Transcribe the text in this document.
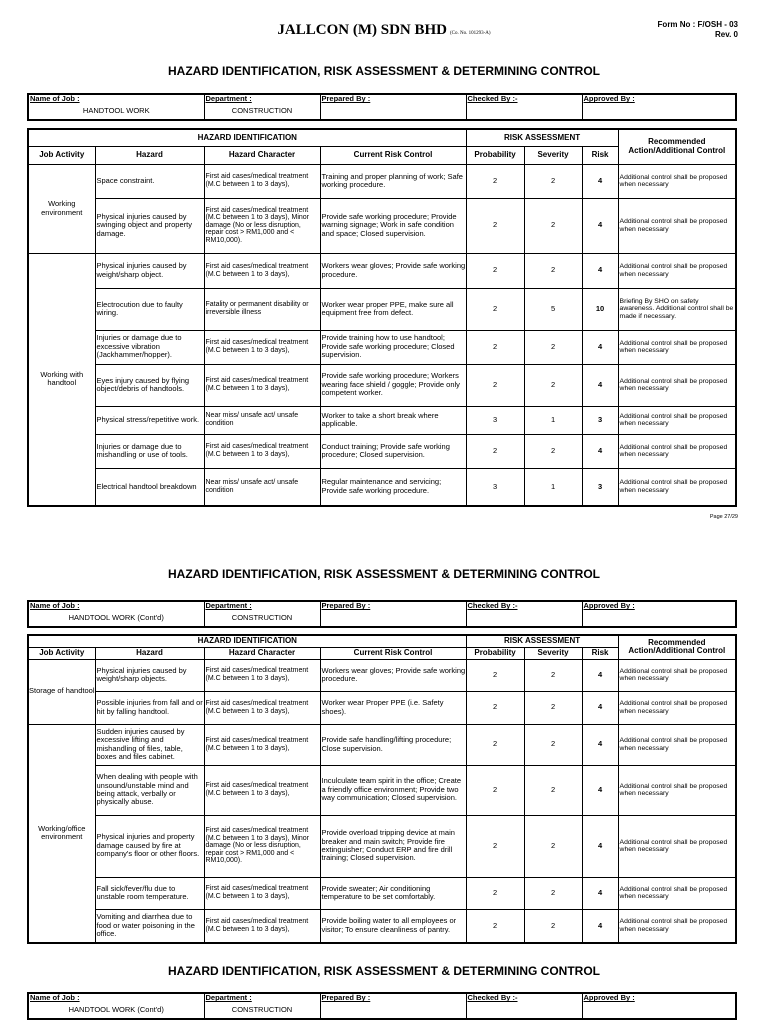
JALLCON (M) SDN BHD (Co. No. 101293-A)
Form No : F/OSH - 03
Rev. 0
HAZARD IDENTIFICATION, RISK ASSESSMENT & DETERMINING CONTROL
Name of Job :	Department :	Prepared By :	Checked By :-	Approved By :
HANDTOOL WORK	CONSTRUCTION			
HAZARD IDENTIFICATION				RISK ASSESSMENT			Recommended Action/Additional Control
Job Activity	Hazard	Hazard Character	Current Risk Control	Probability	Severity	Risk	
Working environment	Space constraint.	First aid cases/medical treatment (M.C between 1 to 3 days),	Training and proper planning of work; Safe working procedure.	2	2	4	Additional control shall be proposed when necessary
	Physical injuries caused by swinging object and property damage.	First aid cases/medical treatment (M.C between 1 to 3 days), Minor damage (No or less disruption, repair cost > RM1,000 and < RM10,000).	Provide safe working procedure; Provide warning signage; Work in safe condition and space; Closed supervision.	2	2	4	Additional control shall be proposed when necessary
Working with handtool	Physical injuries caused by weight/sharp object.	First aid cases/medical treatment (M.C between 1 to 3 days),	Workers wear gloves; Provide safe working procedure.	2	2	4	Additional control shall be proposed when necessary
	Electrocution due to faulty wiring.	Fatality or permanent disability or irreversible illness	Worker wear proper PPE, make sure all equipment free from defect.	2	5	10	Briefing By SHO on safety awareness. Additional control shall be made if necessary.
	Injuries or damage due to excessive vibration (Jackhammer/hopper).	First aid cases/medical treatment (M.C between 1 to 3 days),	Provide training how to use handtool; Provide safe working procedure; Closed supervision.	2	2	4	Additional control shall be proposed when necessary
	Eyes injury caused by flying object/debris of handtools.	First aid cases/medical treatment (M.C between 1 to 3 days),	Provide safe working procedure; Workers wearing face shield / goggle; Provide only competent worker.	2	2	4	Additional control shall be proposed when necessary
	Physical stress/repetitive work.	Near miss/ unsafe act/ unsafe condition	Worker to take a short break where applicable.	3	1	3	Additional control shall be proposed when necessary
	Injuries or damage due to mishandling or use of tools.	First aid cases/medical treatment (M.C between 1 to 3 days),	Conduct training; Provide safe working procedure; Closed supervision.	2	2	4	Additional control shall be proposed when necessary
	Electrical handtool breakdown	Near miss/ unsafe act/ unsafe condition	Regular maintenance and servicing; Provide safe working procedure.	3	1	3	Additional control shall be proposed when necessary
Page 27/29
HAZARD IDENTIFICATION, RISK ASSESSMENT & DETERMINING CONTROL
Name of Job :	Department :	Prepared By :	Checked By :-	Approved By :
HANDTOOL WORK (Cont'd)	CONSTRUCTION			
HAZARD IDENTIFICATION				RISK ASSESSMENT			Recommended Action/Additional Control
Job Activity	Hazard	Hazard Character	Current Risk Control	Probability	Severity	Risk	
Storage of handtool	Physical injuries caused by weight/sharp objects.	First aid cases/medical treatment (M.C between 1 to 3 days),	Workers wear gloves; Provide safe working procedure.	2	2	4	Additional control shall be proposed when necessary
	Possible injuries from fall and or hit by falling handtool.	First aid cases/medical treatment (M.C between 1 to 3 days),	Worker wear Proper PPE (i.e. Safety shoes).	2	2	4	Additional control shall be proposed when necessary
Working/office environment	Sudden injuries caused by excessive lifting and mishandling of files, table, boxes and files cabinet.	First aid cases/medical treatment (M.C between 1 to 3 days),	Provide safe handling/lifting procedure; Close supervision.	2	2	4	Additional control shall be proposed when necessary
	When dealing with people with unsound/unstable mind and being attack, verbally or physically abuse.	First aid cases/medical treatment (M.C between 1 to 3 days),	Inculculate team spirit in the office; Create a friendly office environment; Provide two way communication; Closed supervision.	2	2	4	Additional control shall be proposed when necessary
	Physical injuries and property damage caused by fire at company's floor or other floors.	First aid cases/medical treatment (M.C between 1 to 3 days), Minor damage (No or less disruption, repair cost > RM1,000 and < RM10,000).	Provide overload tripping device at main breaker and main switch; Provide fire extinguisher; Conduct ERP and fire drill training; Closed supervision.	2	2	4	Additional control shall be proposed when necessary
	Fall sick/fever/flu due to unstable room temperature.	First aid cases/medical treatment (M.C between 1 to 3 days),	Provide sweater; Air conditioning temperature to be set comfortably.	2	2	4	Additional control shall be proposed when necessary
	Vomiting and diarrhea due to food or water poisoning in the office.	First aid cases/medical treatment (M.C between 1 to 3 days),	Provide boiling water to all employees or visitor; To ensure cleanliness of pantry.	2	2	4	Additional control shall be proposed when necessary
HAZARD IDENTIFICATION, RISK ASSESSMENT & DETERMINING CONTROL
Name of Job :	Department :	Prepared By :	Checked By :-	Approved By :
HANDTOOL WORK (Cont'd)	CONSTRUCTION			
